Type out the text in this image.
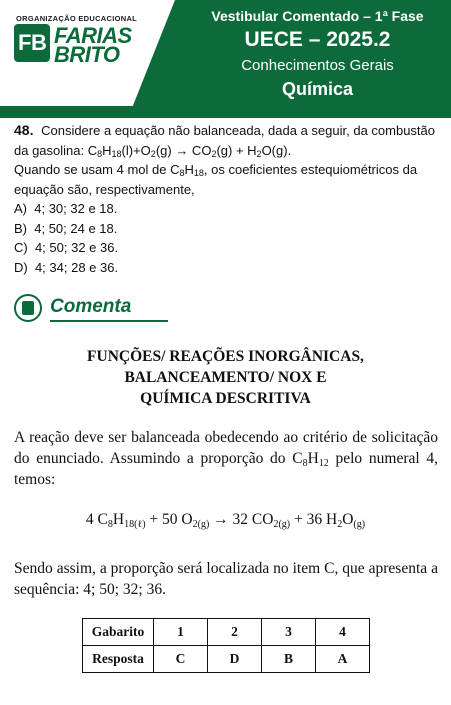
ORGANIZAÇÃO EDUCACIONAL
F B FARIAS
BRITO
Vestibular Comentado – 1ª Fase
UECE – 2025.2
Conhecimentos Gerais
Química

48. Considere a equação não balanceada, dada a seguir, da combustão da gasolina: $C_8H_{18}(l)+O_2(g) \to CO_2(g) + H_2O(g)$.

Quando se usam 4 mol de $C_8H_{18}$, os coeficientes estequiométricos da equação são, respectivamente,

A) 4; 30; 32 e 18.

B) 4; 50; 24 e 18.

C) 4; 50; 32 e 36.

D) 4; 34; 28 e 36.

Comenta
FUNÇÕES/ REAÇÕES INORGÂNICAS,
BALANCEAMENTO/ NOX E
QUÍMICA DESCRITIVA
A reação deve ser balanceada obedecendo ao critério de solicitação do enunciado. Assumindo a proporção do $C_8H_{12}$ pelo numeral 4, temos:
4 $C_8H_{18(\ell)} + 50$ $O_{2(g)} \to 32$ $CO_{2(g)} + 36$ $H_2O_{(g)}$
Sendo assim, a proporção será localizada no item C, que apresenta a sequência: 4; 50; 32; 36.
Gabarito	1	2	3	4
Resposta	C	D	B	A
